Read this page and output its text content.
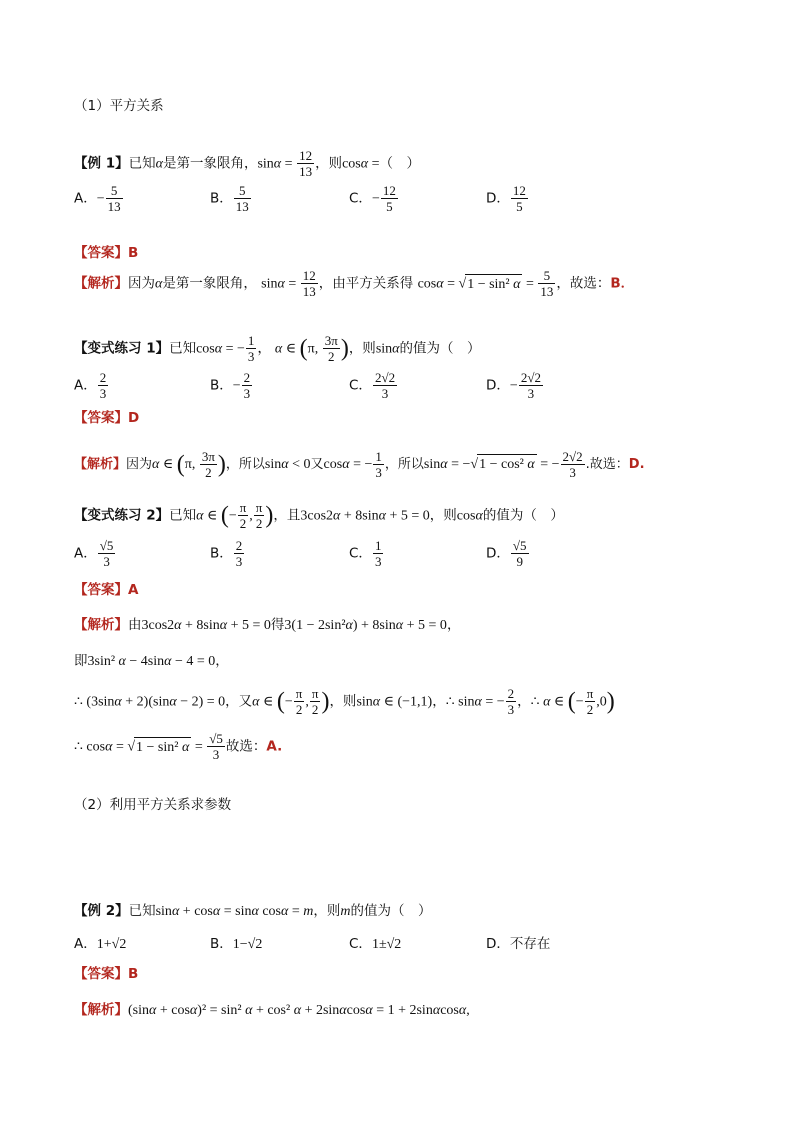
（1）平方关系
【例 1】已知α是第一象限角，$\sin\alpha = \frac{12}{13}$ ，则cosα =（　）
A．− $\frac{5}{13}$	B． $\frac{5}{13}$	C．− $\frac{12}{5}$	D． $\frac{12}{5}$
【答案】B
【解析】因为α是第一象限角， $\sin\alpha = \frac{12}{13}$ ，由平方关系得 cosα = √1 − sin² $\alpha = \frac{5}{13}$ ，故选：B．
【变式练习 1】已知cosα = − $\frac{1}{3}$ ， α ∈ (π, $\frac{3\pi}{2}$ )，则sinα的值为（　）
A． $\frac{2}{3}$	B．− $\frac{2}{3}$	C． $\frac{2√2}{3}$	D．− $\frac{2√2}{3}$
【答案】D
【解析】因为α ∈ (π, $\frac{3\pi}{2}$ )，所以sinα < 0又cosα = − $\frac{1}{3}$ ，所以sinα = −√1 − cos² α = − $\frac{2√2}{3}$ .故选：D.
【变式练习 2】已知α ∈ (− $\frac{\pi}{2}$ , $\frac{\pi}{2}$ )，且3cos2α + 8sinα + 5 = 0，则cosα的值为（　）
A． $\frac{√5}{3}$	B． $\frac{2}{3}$	C． $\frac{1}{3}$	D． $\frac{√5}{9}$
【答案】A
【解析】由3cos2α + 8sinα + 5 = 0得3(1 − 2sin²α) + 8sinα + 5 = 0，
即3sin² α − 4sinα − 4 = 0，
∴ (3sinα + 2)(sinα − 2) = 0，又α ∈ (− $\frac{\pi}{2}$ , $\frac{\pi}{2}$ )，则sinα ∈ (−1,1)，∴ sinα = − $\frac{2}{3}$ ，∴ α ∈ (− $\frac{\pi}{2} ,0$)
∴ cosα = √1 − sin² $\alpha = \frac{√5}{3}$ 故选：A.
（2）利用平方关系求参数
【例 2】已知sinα + cosα = sinα cosα = m，则m的值为（　）
A．1+√2	B．1−√2	C．1±√2	D．不存在
【答案】B
【解析】(sinα + cosα)² = sin² α + cos² α + 2sinαcosα = 1 + 2sinαcosα,
